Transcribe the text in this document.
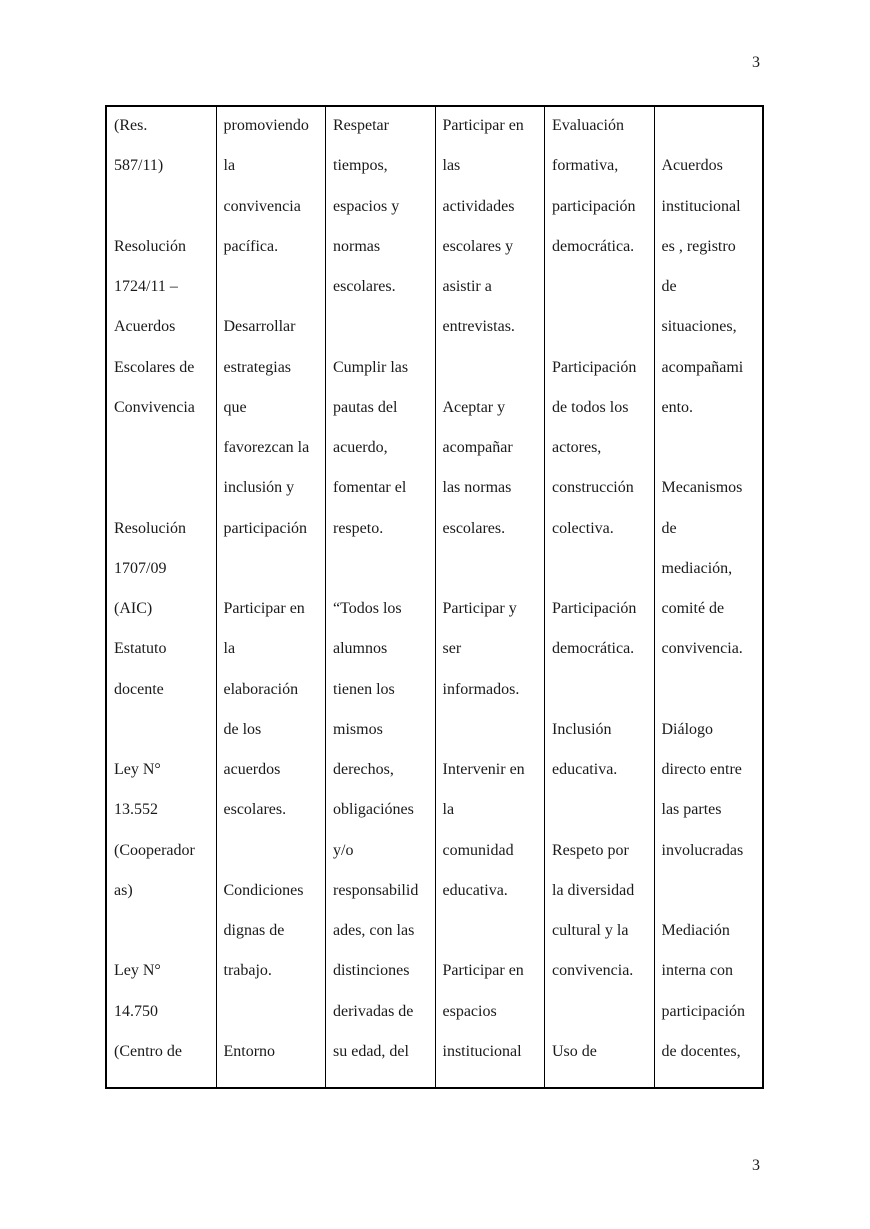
3
(Res.
587/11)
Resolución
1724/11 –
Acuerdos
Escolares de
Convivencia
Resolución
1707/09
(AIC)
Estatuto
docente
Ley N°
13.552
(Cooperador
as)
Ley N°
14.750
(Centro de
promoviendo
la
convivencia
pacífica.
Desarrollar
estrategias
que
favorezcan la
inclusión y
participación
Participar en
la
elaboración
de los
acuerdos
escolares.
Condiciones
dignas de
trabajo.
Entorno
Respetar
tiempos,
espacios y
normas
escolares.
Cumplir las
pautas del
acuerdo,
fomentar el
respeto.
“Todos los
alumnos
tienen los
mismos
derechos,
obligaciónes
y/o
responsabilid
ades, con las
distinciones
derivadas de
su edad, del
Participar en
las
actividades
escolares y
asistir a
entrevistas.
Aceptar y
acompañar
las normas
escolares.
Participar y
ser
informados.
Intervenir en
la
comunidad
educativa.
Participar en
espacios
institucional
Evaluación
formativa,
participación
democrática.
Participación
de todos los
actores,
construcción
colectiva.
Participación
democrática.
Inclusión
educativa.
Respeto por
la diversidad
cultural y la
convivencia.
Uso de
Acuerdos
institucional
es , registro
de
situaciones,
acompañami
ento.
Mecanismos
de
mediación,
comité de
convivencia.
Diálogo
directo entre
las partes
involucradas
Mediación
interna con
participación
de docentes,
3
